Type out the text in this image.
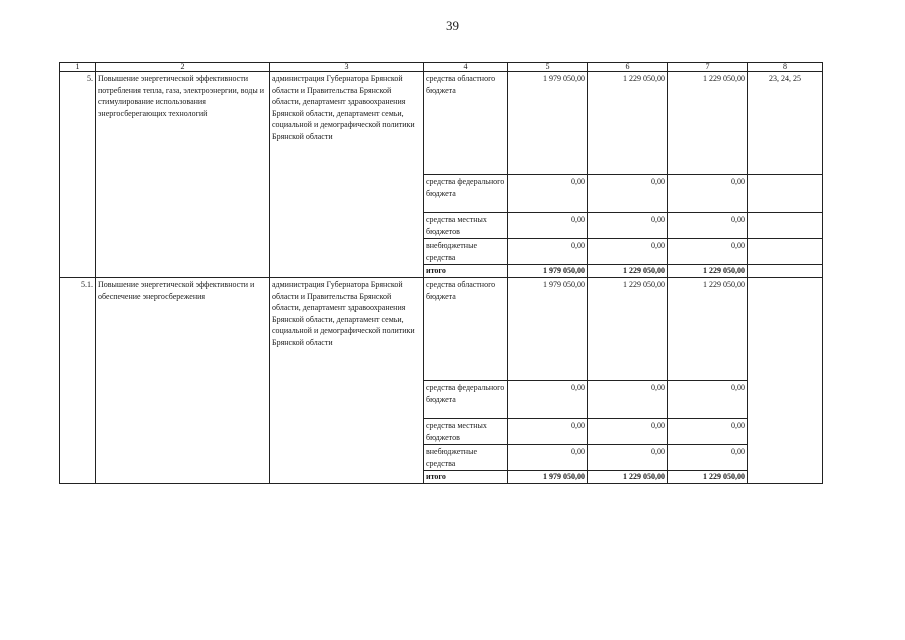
39
1	2	3	4	5	6	7	8
5.	Повышение энергетической эффективности потребления тепла, газа, электроэнергии, воды и стимулирование использования энергосберегающих технологий	администрация Губернатора Брянской области и Правительства Брянской области, департамент здравоохранения Брянской области, департамент семьи, социальной и демографической политики Брянской области	средства областного бюджета	1 979 050,00	1 229 050,00	1 229 050,00	23, 24, 25
			средства федерального бюджета	0,00	0,00	0,00	
			средства местных бюджетов	0,00	0,00	0,00	
			внебюджетные средства	0,00	0,00	0,00	
			итого	1 979 050,00	1 229 050,00	1 229 050,00	
5.1.	Повышение энергетической эффективности и обеспечение энергосбережения	администрация Губернатора Брянской области и Правительства Брянской области, департамент здравоохранения Брянской области, департамент семьи, социальной и демографической политики Брянской области	средства областного бюджета	1 979 050,00	1 229 050,00	1 229 050,00	
			средства федерального бюджета	0,00	0,00	0,00	
			средства местных бюджетов	0,00	0,00	0,00	
			внебюджетные средства	0,00	0,00	0,00	
			итого	1 979 050,00	1 229 050,00	1 229 050,00	
